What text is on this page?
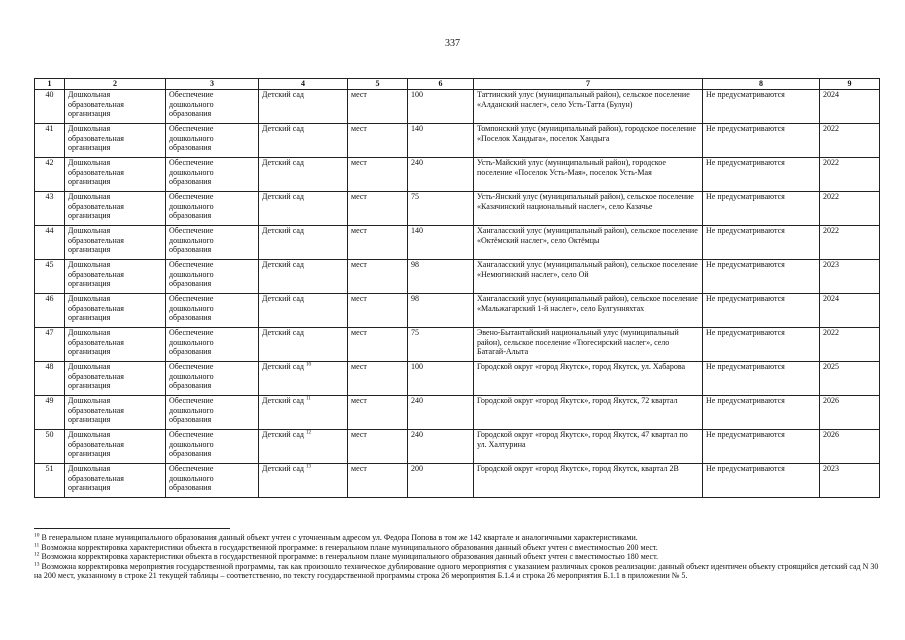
337
1	2	3	4	5	6	7	8	9
40	Дошкольная образовательная организация	Обеспечение дошкольного образования	Детский сад	мест	100	Таттинский улус (муниципальный район), сельское поселение «Алданский наслег», село Усть-Татта (Булун)	Не предусматриваются	2024
41	Дошкольная образовательная организация	Обеспечение дошкольного образования	Детский сад	мест	140	Томпонский улус (муниципальный район), городское поселение «Поселок Хандыга», поселок Хандыга	Не предусматриваются	2022
42	Дошкольная образовательная организация	Обеспечение дошкольного образования	Детский сад	мест	240	Усть-Майский улус (муниципальный район), городское поселение «Поселок Усть-Мая», поселок Усть-Мая	Не предусматриваются	2022
43	Дошкольная образовательная организация	Обеспечение дошкольного образования	Детский сад	мест	75	Усть-Янский улус (муниципальный район), сельское поселение «Казачинский национальный наслег», село Казачье	Не предусматриваются	2022
44	Дошкольная образовательная организация	Обеспечение дошкольного образования	Детский сад	мест	140	Хангаласский улус (муниципальный район), сельское поселение «Октёмский наслег», село Октёмцы	Не предусматриваются	2022
45	Дошкольная образовательная организация	Обеспечение дошкольного образования	Детский сад	мест	98	Хангаласский улус (муниципальный район), сельское поселение «Немюгинский наслег», село Ой	Не предусматриваются	2023
46	Дошкольная образовательная организация	Обеспечение дошкольного образования	Детский сад	мест	98	Хангаласский улус (муниципальный район), сельское поселение «Мальжагарский 1-й наслег», село Булгунняхтах	Не предусматриваются	2024
47	Дошкольная образовательная организация	Обеспечение дошкольного образования	Детский сад	мест	75	Эвено-Бытантайский национальный улус (муниципальный район), сельское поселение «Тюгесирский наслег», село Батагай-Алыта	Не предусматриваются	2022
48	Дошкольная образовательная организация	Обеспечение дошкольного образования	Детский сад $^{10}$	мест	100	Городской округ «город Якутск», город Якутск, ул. Хабарова	Не предусматриваются	2025
49	Дошкольная образовательная организация	Обеспечение дошкольного образования	Детский сад $^{11}$	мест	240	Городской округ «город Якутск», город Якутск, 72 квартал	Не предусматриваются	2026
50	Дошкольная образовательная организация	Обеспечение дошкольного образования	Детский сад $^{12}$	мест	240	Городской округ «город Якутск», город Якутск, 47 квартал по ул. Халтурина	Не предусматриваются	2026
51	Дошкольная образовательная организация	Обеспечение дошкольного образования	Детский сад $^{13}$	мест	200	Городской округ «город Якутск», город Якутск, квартал 2В	Не предусматриваются	2023

$^{10}$ В генеральном плане муниципального образования данный объект учтен с уточненным адресом ул. Федора Попова в том же 142 квартале и аналогичными характеристиками.

$^{11}$ Возможна корректировка характеристики объекта в государственной программе: в генеральном плане муниципального образования данный объект учтен с вместимостью 200 мест.

$^{12}$ Возможна корректировка характеристики объекта в государственной программе: в генеральном плане муниципального образования данный объект учтен с вместимостью 180 мест.

$^{13}$ Возможна корректировка мероприятия государственной программы, так как произошло техническое дублирование одного мероприятия с указанием различных сроков реализации: данный объект идентичен объекту строящийся детский сад N 30 на 200 мест, указанному в строке 21 текущей таблицы – соответственно, по тексту государственной программы строка 26 мероприятия Б.1.4 и строка 26 мероприятия Б.1.1 в приложении № 5.
